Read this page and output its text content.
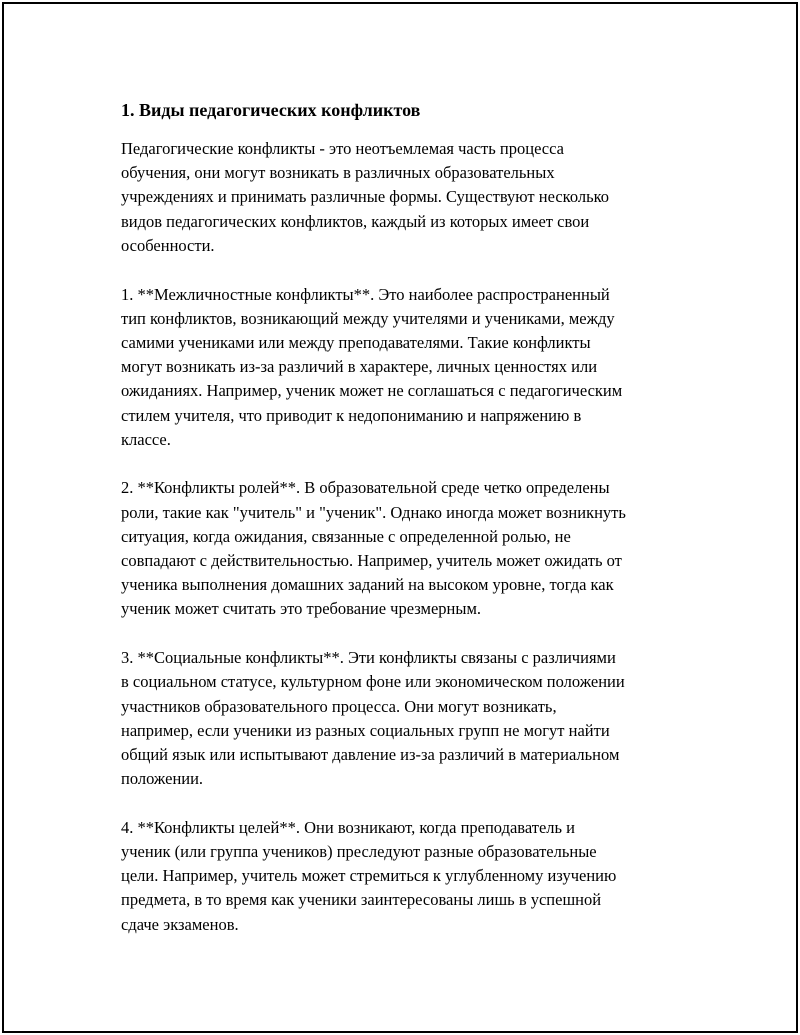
1. Виды педагогических конфликтов

Педагогические конфликты - это неотъемлемая часть процесса
обучения, они могут возникать в различных образовательных
учреждениях и принимать различные формы. Существуют несколько
видов педагогических конфликтов, каждый из которых имеет свои
особенности.

1. **Межличностные конфликты**. Это наиболее распространенный
тип конфликтов, возникающий между учителями и учениками, между
самими учениками или между преподавателями. Такие конфликты
могут возникать из-за различий в характере, личных ценностях или
ожиданиях. Например, ученик может не соглашаться с педагогическим
стилем учителя, что приводит к недопониманию и напряжению в
классе.

2. **Конфликты ролей**. В образовательной среде четко определены
роли, такие как "учитель" и "ученик". Однако иногда может возникнуть
ситуация, когда ожидания, связанные с определенной ролью, не
совпадают с действительностью. Например, учитель может ожидать от
ученика выполнения домашних заданий на высоком уровне, тогда как
ученик может считать это требование чрезмерным.

3. **Социальные конфликты**. Эти конфликты связаны с различиями
в социальном статусе, культурном фоне или экономическом положении
участников образовательного процесса. Они могут возникать,
например, если ученики из разных социальных групп не могут найти
общий язык или испытывают давление из-за различий в материальном
положении.

4. **Конфликты целей**. Они возникают, когда преподаватель и
ученик (или группа учеников) преследуют разные образовательные
цели. Например, учитель может стремиться к углубленному изучению
предмета, в то время как ученики заинтересованы лишь в успешной
сдаче экзаменов.
